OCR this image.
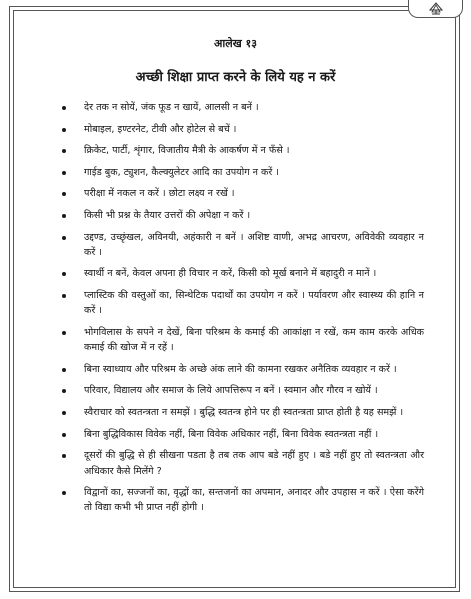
आलेख १३
अच्छी शिक्षा प्राप्त करने के लिये यह न करें
देर तक न सोयें, जंक फूड न खायें, आलसी न बनें ।
मोबाइल, इण्टरनेट, टीवी और होटेल से बचें ।
क्रिकेट, पार्टी, शृंगार, विजातीय मैत्री के आकर्षण में न फँसे ।
गाईड बुक, ट्युशन, कैल्क्युलेटर आदि का उपयोग न करें ।
परीक्षा में नकल न करें । छोटा लक्ष्य न रखें ।
किसी भी प्रश्न के तैयार उत्तरों की अपेक्षा न करें ।
उद्दण्ड, उच्छृंखल, अविनयी, अहंकारी न बनें । अशिष्ट वाणी, अभद्र आचरण, अविवेकी व्यवहार न करें ।
स्वार्थी न बनें, केवल अपना ही विचार न करें, किसी को मूर्ख बनाने में बहादुरी न मानें ।
प्लास्टिक की वस्तुओं का, सिन्थेटिक पदार्थों का उपयोग न करें । पर्यावरण और स्वास्थ्य की हानि न करें ।
भोगविलास के सपने न देखें, बिना परिश्रम के कमाई की आकांक्षा न रखें, कम काम करके अधिक कमाई की खोज में न रहें ।
बिना स्वाध्याय और परिश्रम के अच्छे अंक लाने की कामना रखकर अनैतिक व्यवहार न करें ।
परिवार, विद्यालय और समाज के लिये आपत्तिरूप न बनें । स्वमान और गौरव न खोयें ।
स्वैराचार को स्वतन्त्रता न समझें । बुद्धि स्वतन्त्र होने पर ही स्वतन्त्रता प्राप्त होती है यह समझें ।
बिना बुद्धिविकास विवेक नहीं, बिना विवेक अधिकार नहीं, बिना विवेक स्वतन्त्रता नहीं ।
दूसरों की बुद्धि से ही सीखना पडता है तब तक आप बडे नहीं हुए । बडे नहीं हुए तो स्वतन्त्रता और अधिकार कैसे मिलेंगे ?
विद्वानों का, सज्जनों का, वृद्धों का, सन्तजनों का अपमान, अनादर और उपहास न करें । ऐसा करेंगे तो विद्या कभी भी प्राप्त नहीं होगी ।
